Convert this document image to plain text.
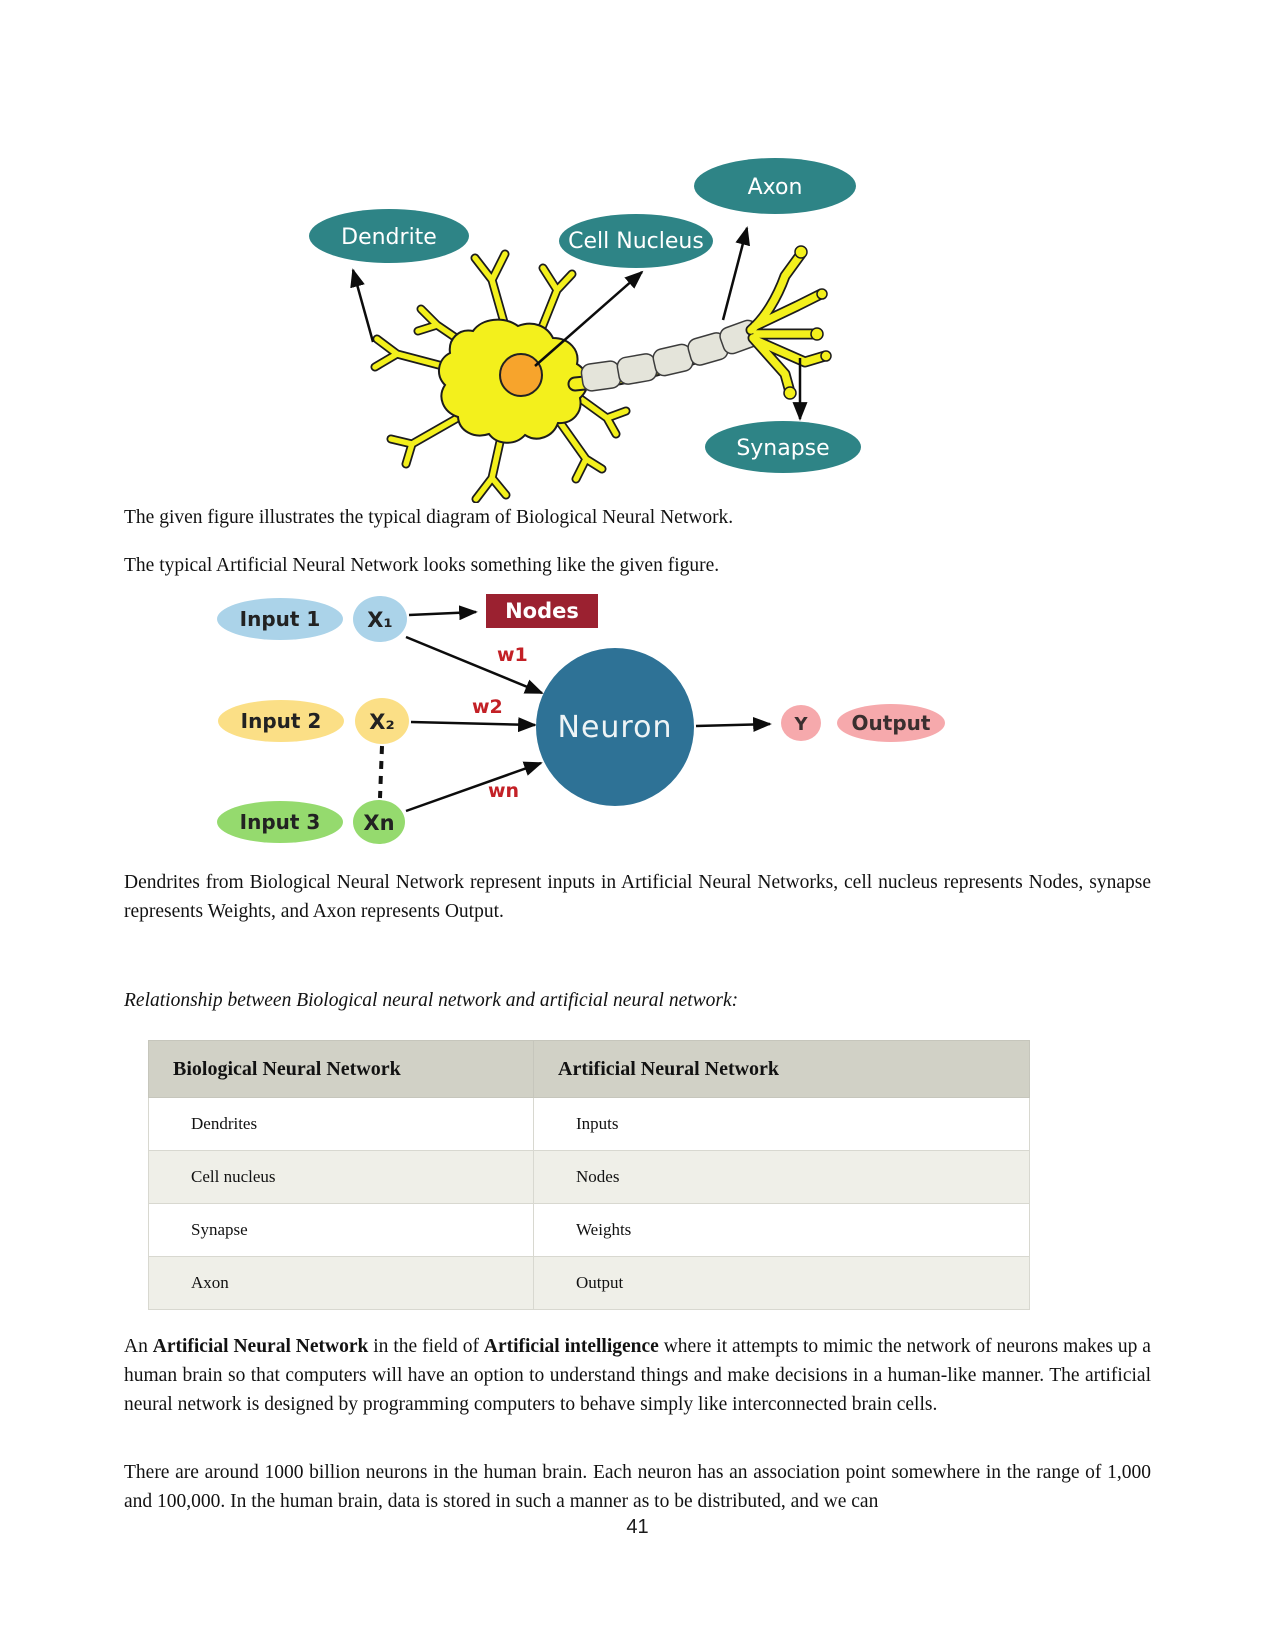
Dendrite	Cell Nucleus
Axon
Synapse

The given figure illustrates the typical diagram of Biological Neural Network.

The typical Artificial Neural Network looks something like the given figure.

Input 1 X₁	Nodes
w1
w2
wn
Input 2 X₂
Input 3 Xn
Neuron	Y Output

Dendrites from Biological Neural Network represent inputs in Artificial Neural Networks, cell nucleus represents Nodes, synapse represents Weights, and Axon represents Output.

Relationship between Biological neural network and artificial neural network:

Biological Neural Network	Artificial Neural Network
Dendrites	Inputs
Cell nucleus	Nodes
Synapse	Weights
Axon	Output

An Artificial Neural Network in the field of Artificial intelligence where it attempts to mimic the network of neurons makes up a human brain so that computers will have an option to understand things and make decisions in a human-like manner. The artificial neural network is designed by programming computers to behave simply like interconnected brain cells.

There are around 1000 billion neurons in the human brain. Each neuron has an association point somewhere in the range of 1,000 and 100,000. In the human brain, data is stored in such a manner as to be distributed, and we can

41
